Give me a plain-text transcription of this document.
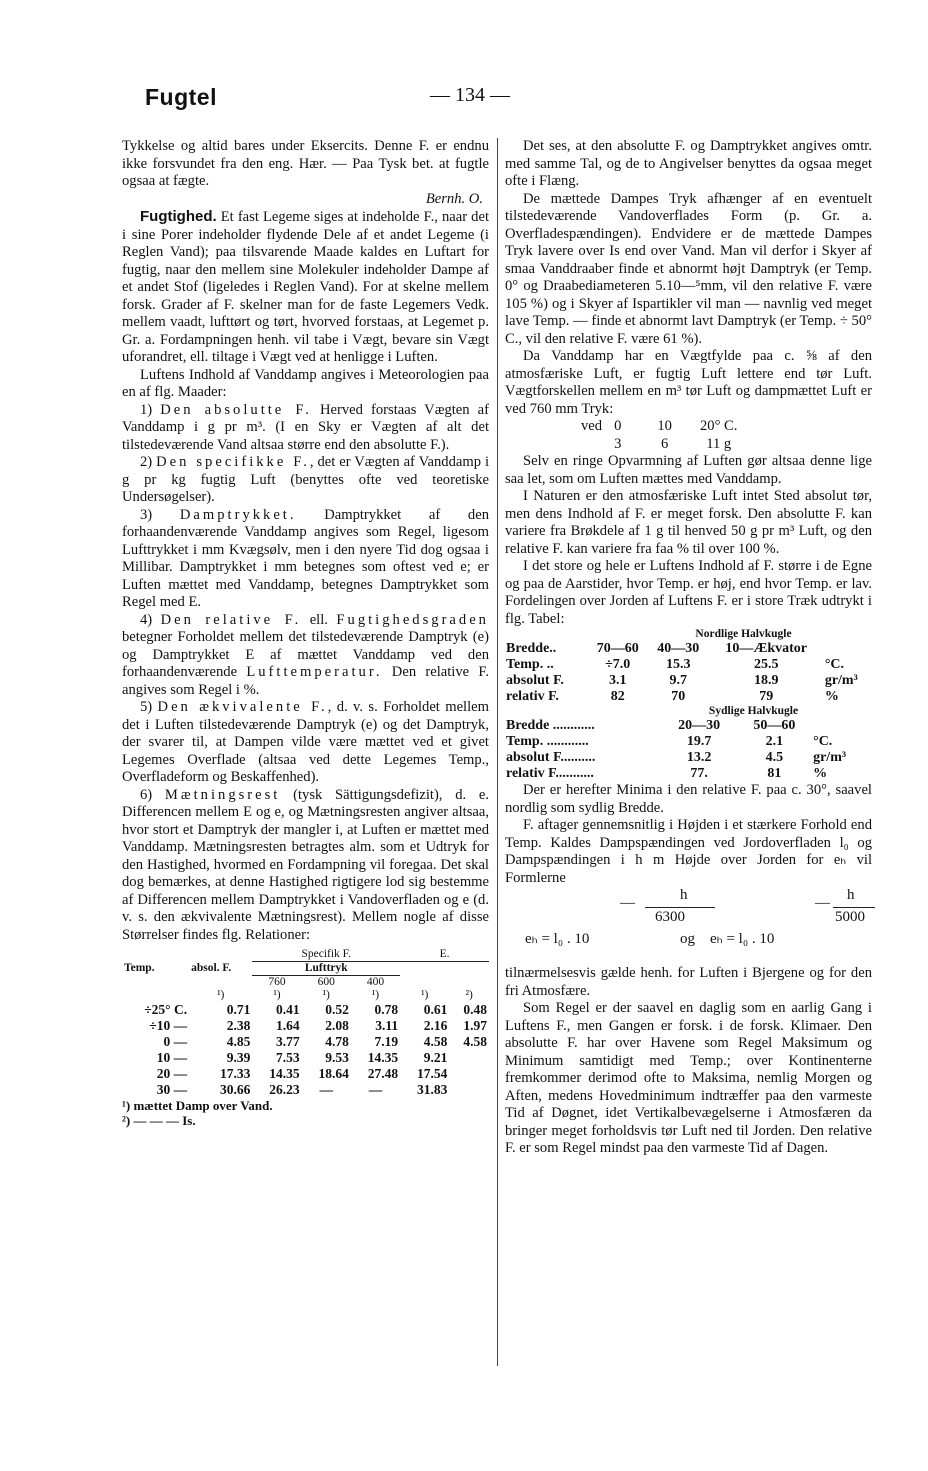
Fugtel	— 134 —

Tykkelse og altid bares under Eksercits. Denne F. er endnu ikke forsvundet fra den eng. Hær. — Paa Tysk bet. at fugtle ogsaa at fægte.

Bernh. O.

Fugtighed. Et fast Legeme siges at indeholde F., naar det i sine Porer indeholder flydende Dele af et andet Legeme (i Reglen Vand); paa tilsvarende Maade kaldes en Luftart for fugtig, naar den mellem sine Molekuler indeholder Dampe af et andet Stof (ligeledes i Reglen Vand). For at skelne mellem forsk. Grader af F. skelner man for de faste Legemers Vedk. mellem vaadt, lufttørt og tørt, hvorved forstaas, at Legemet p. Gr. a. Fordampningen henh. vil tabe i Vægt, bevare sin Vægt uforandret, ell. tiltage i Vægt ved at henligge i Luften.

Luftens Indhold af Vanddamp angives i Meteorologien paa en af flg. Maader:

1) Den absolutte F. Herved forstaas Vægten af Vanddamp i g pr m³. (I en Sky er Vægten af alt det tilstedeværende Vand altsaa større end den absolutte F.).

2) Den specifikke F., det er Vægten af Vanddamp i g pr kg fugtig Luft (benyttes ofte ved teoretiske Undersøgelser).

3) Damptrykket. Damptrykket af den forhaandenværende Vanddamp angives som Regel, ligesom Lufttrykket i mm Kvægsølv, men i den nyere Tid dog ogsaa i Millibar. Damptrykket i mm betegnes som oftest ved e; er Luften mættet med Vanddamp, betegnes Damptrykket som Regel med E.

4) Den relative F. ell. Fugtighedsgraden betegner Forholdet mellem det tilstedeværende Damptryk (e) og Damptrykket E af mættet Vanddamp ved den forhaandenværende Lufttemperatur. Den relative F. angives som Regel i %.

5) Den ækvivalente F., d. v. s. Forholdet mellem det i Luften tilstedeværende Damptryk (e) og det Damptryk, der svarer til, at Dampen vilde være mættet ved et givet Legemes Overflade (altsaa ved dette Legemes Temp., Overfladeform og Beskaffenhed).

6) Mætningsrest (tysk Sättigungsdefizit), d. e. Differencen mellem E og e, og Mætningsresten angiver altsaa, hvor stort et Damptryk der mangler i, at Luften er mættet med Vanddamp. Mætningsresten betragtes alm. som et Udtryk for den Hastighed, hvormed en Fordampning vil foregaa. Det skal dog bemærkes, at denne Hastighed rigtigere lod sig bestemme af Differencen mellem Damptrykket i Vandoverfladen og e (d. v. s. den ækvivalente Mætningsrest). Mellem nogle af disse Størrelser findes flg. Relationer:

		Specifik F.			E.	
Temp.	absol. F.	Lufttryk				
		760	600	400		
	¹)	¹)	¹)	¹)	¹)	²)
÷25° C.	0.71	0.41	0.52	0.78	0.61	0.48
÷10 —	2.38	1.64	2.08	3.11	2.16	1.97
0 —	4.85	3.77	4.78	7.19	4.58	4.58
10 —	9.39	7.53	9.53	14.35	9.21	
20 —	17.33	14.35	18.64	27.48	17.54	
30 —	30.66	26.23	—	—	31.83	
¹) mættet Damp over Vand.
²) — — — Is.

Det ses, at den absolutte F. og Damptrykket angives omtr. med samme Tal, og de to Angivelser benyttes da ogsaa meget ofte i Flæng.

De mættede Dampes Tryk afhænger af en eventuelt tilstedeværende Vandoverflades Form (p. Gr. a. Overfladespændingen). Endvidere er de mættede Dampes Tryk lavere over Is end over Vand. Man vil derfor i Skyer af smaa Vanddraaber finde et abnormt højt Damptryk (er Temp. 0° og Draabediameteren 5.10—⁵mm, vil den relative F. være 105 %) og i Skyer af Ispartikler vil man — navnlig ved meget lave Temp. — finde et abnormt lavt Damptryk (er Temp. ÷ 50° C., vil den relative F. være 61 %).

Da Vanddamp har en Vægtfylde paa c. ⅝ af den atmosfæriske Luft, er fugtig Luft lettere end tør Luft. Vægtforskellen mellem en m³ tør Luft og dampmættet Luft er ved 760 mm Tryk:

ved	0	10	20° C.
	3	6	11 g

Selv en ringe Opvarmning af Luften gør altsaa denne lige saa let, som om Luften mættes med Vanddamp.

I Naturen er den atmosfæriske Luft intet Sted absolut tør, men dens Indhold af F. er meget forsk. Den absolutte F. kan variere fra Brøkdele af 1 g til henved 50 g pr m³ Luft, og den relative F. kan variere fra faa % til over 100 %.

I det store og hele er Luftens Indhold af F. større i de Egne og paa de Aarstider, hvor Temp. er høj, end hvor Temp. er lav. Fordelingen over Jorden af Luftens F. er i store Træk udtrykt i flg. Tabel:

Nordlige Halvkugle
Bredde..	70—60	40—30	10—Ækvator	
Temp. ..	÷7.0	15.3	25.5	°C.
absolut F.	3.1	9.7	18.9	gr/m³
relativ F.	82	70	79	%
Sydlige Halvkugle
Bredde ............	20—30	50—60	
Temp. ............	19.7	2.1	°C.
absolut F..........	13.2	4.5	gr/m³
relativ F...........	77.	81	%

Der er herefter Minima i den relative F. paa c. 30°, saavel nordlig som sydlig Bredde.

F. aftager gennemsnitlig i Højden i et stærkere Forhold end Temp. Kaldes Dampspændingen ved Jordoverfladen l₀ og Dampspændingen i h m Højde over Jorden for eₕ vil Formlerne

—	h
6300
— h
5000
eₕ = l₀ . 10	og eₕ = l₀ . 10

tilnærmelsesvis gælde henh. for Luften i Bjergene og for den fri Atmosfære.

Som Regel er der saavel en daglig som en aarlig Gang i Luftens F., men Gangen er forsk. i de forsk. Klimaer. Den absolutte F. har over Havene som Regel Maksimum og Minimum samtidigt med Temp.; over Kontinenterne fremkommer derimod ofte to Maksima, nemlig Morgen og Aften, medens Hovedminimum indtræffer paa den varmeste Tid af Døgnet, idet Vertikalbevægelserne i Atmosfæren da bringer meget forholdsvis tør Luft ned til Jorden. Den relative F. er som Regel mindst paa den varmeste Tid af Dagen.
